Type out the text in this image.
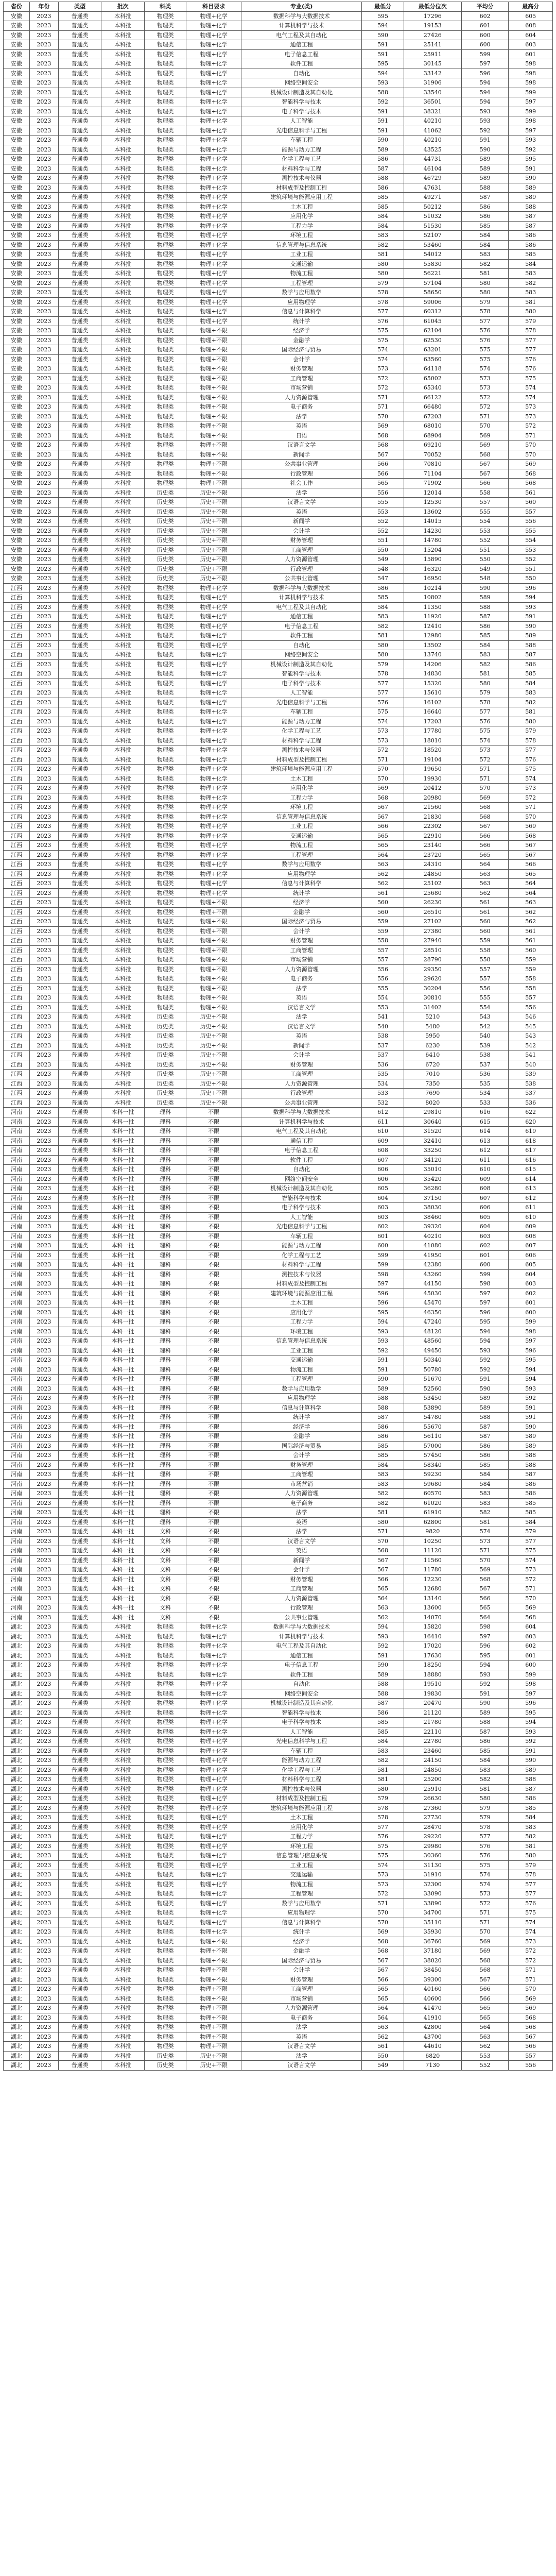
省份	年份	类型	批次	科类	科目要求	专业(类)	最低分	最低分位次	平均分	最高分
安徽	2023	普通类	本科批	物理类	物理+化学	数据科学与大数据技术	595	17296	602	605
安徽	2023	普通类	本科批	物理类	物理+化学	计算机科学与技术	594	19153	601	608
安徽	2023	普通类	本科批	物理类	物理+化学	电气工程及其自动化	590	27426	600	604
安徽	2023	普通类	本科批	物理类	物理+化学	通信工程	591	25141	600	603
安徽	2023	普通类	本科批	物理类	物理+化学	电子信息工程	591	25911	599	601
安徽	2023	普通类	本科批	物理类	物理+化学	软件工程	595	30145	597	598
安徽	2023	普通类	本科批	物理类	物理+化学	自动化	594	33142	596	598
安徽	2023	普通类	本科批	物理类	物理+化学	网络空间安全	593	31906	594	598
安徽	2023	普通类	本科批	物理类	物理+化学	机械设计制造及其自动化	588	33540	594	599
安徽	2023	普通类	本科批	物理类	物理+化学	智能科学与技术	592	36501	594	597
安徽	2023	普通类	本科批	物理类	物理+化学	电子科学与技术	591	38321	593	599
安徽	2023	普通类	本科批	物理类	物理+化学	人工智能	591	40210	593	598
安徽	2023	普通类	本科批	物理类	物理+化学	光电信息科学与工程	591	41062	592	597
安徽	2023	普通类	本科批	物理类	物理+化学	车辆工程	590	40210	591	593
安徽	2023	普通类	本科批	物理类	物理+化学	能源与动力工程	589	43525	590	592
安徽	2023	普通类	本科批	物理类	物理+化学	化学工程与工艺	586	44731	589	595
安徽	2023	普通类	本科批	物理类	物理+化学	材料科学与工程	587	46104	589	591
安徽	2023	普通类	本科批	物理类	物理+化学	测控技术与仪器	588	46729	589	590
安徽	2023	普通类	本科批	物理类	物理+化学	材料成型及控制工程	586	47631	588	589
安徽	2023	普通类	本科批	物理类	物理+化学	建筑环境与能源应用工程	585	49271	587	589
安徽	2023	普通类	本科批	物理类	物理+化学	土木工程	585	50212	586	588
安徽	2023	普通类	本科批	物理类	物理+化学	应用化学	584	51032	586	587
安徽	2023	普通类	本科批	物理类	物理+化学	工程力学	584	51530	585	587
安徽	2023	普通类	本科批	物理类	物理+化学	环境工程	583	52107	584	586
安徽	2023	普通类	本科批	物理类	物理+化学	信息管理与信息系统	582	53460	584	586
安徽	2023	普通类	本科批	物理类	物理+化学	工业工程	581	54012	583	585
安徽	2023	普通类	本科批	物理类	物理+化学	交通运输	580	55830	582	584
安徽	2023	普通类	本科批	物理类	物理+化学	物流工程	580	56221	581	583
安徽	2023	普通类	本科批	物理类	物理+化学	工程管理	579	57104	580	582
安徽	2023	普通类	本科批	物理类	物理+化学	数学与应用数学	578	58650	580	583
安徽	2023	普通类	本科批	物理类	物理+化学	应用物理学	578	59006	579	581
安徽	2023	普通类	本科批	物理类	物理+化学	信息与计算科学	577	60312	578	580
安徽	2023	普通类	本科批	物理类	物理+化学	统计学	576	61045	577	579
安徽	2023	普通类	本科批	物理类	物理+不限	经济学	575	62104	576	578
安徽	2023	普通类	本科批	物理类	物理+不限	金融学	575	62530	576	577
安徽	2023	普通类	本科批	物理类	物理+不限	国际经济与贸易	574	63201	575	577
安徽	2023	普通类	本科批	物理类	物理+不限	会计学	574	63560	575	576
安徽	2023	普通类	本科批	物理类	物理+不限	财务管理	573	64118	574	576
安徽	2023	普通类	本科批	物理类	物理+不限	工商管理	572	65002	573	575
安徽	2023	普通类	本科批	物理类	物理+不限	市场营销	572	65340	573	574
安徽	2023	普通类	本科批	物理类	物理+不限	人力资源管理	571	66122	572	574
安徽	2023	普通类	本科批	物理类	物理+不限	电子商务	571	66480	572	573
安徽	2023	普通类	本科批	物理类	物理+不限	法学	570	67203	571	573
安徽	2023	普通类	本科批	物理类	物理+不限	英语	569	68010	570	572
安徽	2023	普通类	本科批	物理类	物理+不限	日语	568	68904	569	571
安徽	2023	普通类	本科批	物理类	物理+不限	汉语言文学	568	69210	569	570
安徽	2023	普通类	本科批	物理类	物理+不限	新闻学	567	70052	568	570
安徽	2023	普通类	本科批	物理类	物理+不限	公共事业管理	566	70810	567	569
安徽	2023	普通类	本科批	物理类	物理+不限	行政管理	566	71104	567	568
安徽	2023	普通类	本科批	物理类	物理+不限	社会工作	565	71902	566	568
安徽	2023	普通类	本科批	历史类	历史+不限	法学	556	12014	558	561
安徽	2023	普通类	本科批	历史类	历史+不限	汉语言文学	555	12530	557	560
安徽	2023	普通类	本科批	历史类	历史+不限	英语	553	13602	555	557
安徽	2023	普通类	本科批	历史类	历史+不限	新闻学	552	14015	554	556
安徽	2023	普通类	本科批	历史类	历史+不限	会计学	552	14230	553	555
安徽	2023	普通类	本科批	历史类	历史+不限	财务管理	551	14780	552	554
安徽	2023	普通类	本科批	历史类	历史+不限	工商管理	550	15204	551	553
安徽	2023	普通类	本科批	历史类	历史+不限	人力资源管理	549	15890	550	552
安徽	2023	普通类	本科批	历史类	历史+不限	行政管理	548	16320	549	551
安徽	2023	普通类	本科批	历史类	历史+不限	公共事业管理	547	16950	548	550
江西	2023	普通类	本科批	物理类	物理+化学	数据科学与大数据技术	586	10214	590	596
江西	2023	普通类	本科批	物理类	物理+化学	计算机科学与技术	585	10802	589	594
江西	2023	普通类	本科批	物理类	物理+化学	电气工程及其自动化	584	11350	588	593
江西	2023	普通类	本科批	物理类	物理+化学	通信工程	583	11920	587	591
江西	2023	普通类	本科批	物理类	物理+化学	电子信息工程	582	12410	586	590
江西	2023	普通类	本科批	物理类	物理+化学	软件工程	581	12980	585	589
江西	2023	普通类	本科批	物理类	物理+化学	自动化	580	13502	584	588
江西	2023	普通类	本科批	物理类	物理+化学	网络空间安全	580	13740	583	587
江西	2023	普通类	本科批	物理类	物理+化学	机械设计制造及其自动化	579	14206	582	586
江西	2023	普通类	本科批	物理类	物理+化学	智能科学与技术	578	14830	581	585
江西	2023	普通类	本科批	物理类	物理+化学	电子科学与技术	577	15320	580	584
江西	2023	普通类	本科批	物理类	物理+化学	人工智能	577	15610	579	583
江西	2023	普通类	本科批	物理类	物理+化学	光电信息科学与工程	576	16102	578	582
江西	2023	普通类	本科批	物理类	物理+化学	车辆工程	575	16640	577	581
江西	2023	普通类	本科批	物理类	物理+化学	能源与动力工程	574	17203	576	580
江西	2023	普通类	本科批	物理类	物理+化学	化学工程与工艺	573	17780	575	579
江西	2023	普通类	本科批	物理类	物理+化学	材料科学与工程	573	18010	574	578
江西	2023	普通类	本科批	物理类	物理+化学	测控技术与仪器	572	18520	573	577
江西	2023	普通类	本科批	物理类	物理+化学	材料成型及控制工程	571	19104	572	576
江西	2023	普通类	本科批	物理类	物理+化学	建筑环境与能源应用工程	570	19650	571	575
江西	2023	普通类	本科批	物理类	物理+化学	土木工程	570	19930	571	574
江西	2023	普通类	本科批	物理类	物理+化学	应用化学	569	20412	570	573
江西	2023	普通类	本科批	物理类	物理+化学	工程力学	568	20980	569	572
江西	2023	普通类	本科批	物理类	物理+化学	环境工程	567	21560	568	571
江西	2023	普通类	本科批	物理类	物理+化学	信息管理与信息系统	567	21830	568	570
江西	2023	普通类	本科批	物理类	物理+化学	工业工程	566	22302	567	569
江西	2023	普通类	本科批	物理类	物理+化学	交通运输	565	22910	566	568
江西	2023	普通类	本科批	物理类	物理+化学	物流工程	565	23140	566	567
江西	2023	普通类	本科批	物理类	物理+化学	工程管理	564	23720	565	567
江西	2023	普通类	本科批	物理类	物理+化学	数学与应用数学	563	24310	564	566
江西	2023	普通类	本科批	物理类	物理+化学	应用物理学	562	24850	563	565
江西	2023	普通类	本科批	物理类	物理+化学	信息与计算科学	562	25102	563	564
江西	2023	普通类	本科批	物理类	物理+化学	统计学	561	25680	562	564
江西	2023	普通类	本科批	物理类	物理+不限	经济学	560	26230	561	563
江西	2023	普通类	本科批	物理类	物理+不限	金融学	560	26510	561	562
江西	2023	普通类	本科批	物理类	物理+不限	国际经济与贸易	559	27102	560	562
江西	2023	普通类	本科批	物理类	物理+不限	会计学	559	27380	560	561
江西	2023	普通类	本科批	物理类	物理+不限	财务管理	558	27940	559	561
江西	2023	普通类	本科批	物理类	物理+不限	工商管理	557	28510	558	560
江西	2023	普通类	本科批	物理类	物理+不限	市场营销	557	28790	558	559
江西	2023	普通类	本科批	物理类	物理+不限	人力资源管理	556	29350	557	559
江西	2023	普通类	本科批	物理类	物理+不限	电子商务	556	29620	557	558
江西	2023	普通类	本科批	物理类	物理+不限	法学	555	30204	556	558
江西	2023	普通类	本科批	物理类	物理+不限	英语	554	30810	555	557
江西	2023	普通类	本科批	物理类	物理+不限	汉语言文学	553	31402	554	556
江西	2023	普通类	本科批	历史类	历史+不限	法学	541	5210	543	546
江西	2023	普通类	本科批	历史类	历史+不限	汉语言文学	540	5480	542	545
江西	2023	普通类	本科批	历史类	历史+不限	英语	538	5950	540	543
江西	2023	普通类	本科批	历史类	历史+不限	新闻学	537	6230	539	542
江西	2023	普通类	本科批	历史类	历史+不限	会计学	537	6410	538	541
江西	2023	普通类	本科批	历史类	历史+不限	财务管理	536	6720	537	540
江西	2023	普通类	本科批	历史类	历史+不限	工商管理	535	7010	536	539
江西	2023	普通类	本科批	历史类	历史+不限	人力资源管理	534	7350	535	538
江西	2023	普通类	本科批	历史类	历史+不限	行政管理	533	7690	534	537
江西	2023	普通类	本科批	历史类	历史+不限	公共事业管理	532	8020	533	536
河南	2023	普通类	本科一批	理科	不限	数据科学与大数据技术	612	29810	616	622
河南	2023	普通类	本科一批	理科	不限	计算机科学与技术	611	30640	615	620
河南	2023	普通类	本科一批	理科	不限	电气工程及其自动化	610	31520	614	619
河南	2023	普通类	本科一批	理科	不限	通信工程	609	32410	613	618
河南	2023	普通类	本科一批	理科	不限	电子信息工程	608	33250	612	617
河南	2023	普通类	本科一批	理科	不限	软件工程	607	34120	611	616
河南	2023	普通类	本科一批	理科	不限	自动化	606	35010	610	615
河南	2023	普通类	本科一批	理科	不限	网络空间安全	606	35420	609	614
河南	2023	普通类	本科一批	理科	不限	机械设计制造及其自动化	605	36280	608	613
河南	2023	普通类	本科一批	理科	不限	智能科学与技术	604	37150	607	612
河南	2023	普通类	本科一批	理科	不限	电子科学与技术	603	38030	606	611
河南	2023	普通类	本科一批	理科	不限	人工智能	603	38460	605	610
河南	2023	普通类	本科一批	理科	不限	光电信息科学与工程	602	39320	604	609
河南	2023	普通类	本科一批	理科	不限	车辆工程	601	40210	603	608
河南	2023	普通类	本科一批	理科	不限	能源与动力工程	600	41080	602	607
河南	2023	普通类	本科一批	理科	不限	化学工程与工艺	599	41950	601	606
河南	2023	普通类	本科一批	理科	不限	材料科学与工程	599	42380	600	605
河南	2023	普通类	本科一批	理科	不限	测控技术与仪器	598	43260	599	604
河南	2023	普通类	本科一批	理科	不限	材料成型及控制工程	597	44150	598	603
河南	2023	普通类	本科一批	理科	不限	建筑环境与能源应用工程	596	45030	597	602
河南	2023	普通类	本科一批	理科	不限	土木工程	596	45470	597	601
河南	2023	普通类	本科一批	理科	不限	应用化学	595	46350	596	600
河南	2023	普通类	本科一批	理科	不限	工程力学	594	47240	595	599
河南	2023	普通类	本科一批	理科	不限	环境工程	593	48120	594	598
河南	2023	普通类	本科一批	理科	不限	信息管理与信息系统	593	48560	594	597
河南	2023	普通类	本科一批	理科	不限	工业工程	592	49450	593	596
河南	2023	普通类	本科一批	理科	不限	交通运输	591	50340	592	595
河南	2023	普通类	本科一批	理科	不限	物流工程	591	50780	592	594
河南	2023	普通类	本科一批	理科	不限	工程管理	590	51670	591	594
河南	2023	普通类	本科一批	理科	不限	数学与应用数学	589	52560	590	593
河南	2023	普通类	本科一批	理科	不限	应用物理学	588	53450	589	592
河南	2023	普通类	本科一批	理科	不限	信息与计算科学	588	53890	589	591
河南	2023	普通类	本科一批	理科	不限	统计学	587	54780	588	591
河南	2023	普通类	本科一批	理科	不限	经济学	586	55670	587	590
河南	2023	普通类	本科一批	理科	不限	金融学	586	56110	587	589
河南	2023	普通类	本科一批	理科	不限	国际经济与贸易	585	57000	586	589
河南	2023	普通类	本科一批	理科	不限	会计学	585	57450	586	588
河南	2023	普通类	本科一批	理科	不限	财务管理	584	58340	585	588
河南	2023	普通类	本科一批	理科	不限	工商管理	583	59230	584	587
河南	2023	普通类	本科一批	理科	不限	市场营销	583	59680	584	586
河南	2023	普通类	本科一批	理科	不限	人力资源管理	582	60570	583	586
河南	2023	普通类	本科一批	理科	不限	电子商务	582	61020	583	585
河南	2023	普通类	本科一批	理科	不限	法学	581	61910	582	585
河南	2023	普通类	本科一批	理科	不限	英语	580	62800	581	584
河南	2023	普通类	本科一批	文科	不限	法学	571	9820	574	579
河南	2023	普通类	本科一批	文科	不限	汉语言文学	570	10250	573	577
河南	2023	普通类	本科一批	文科	不限	英语	568	11120	571	575
河南	2023	普通类	本科一批	文科	不限	新闻学	567	11560	570	574
河南	2023	普通类	本科一批	文科	不限	会计学	567	11780	569	573
河南	2023	普通类	本科一批	文科	不限	财务管理	566	12230	568	572
河南	2023	普通类	本科一批	文科	不限	工商管理	565	12680	567	571
河南	2023	普通类	本科一批	文科	不限	人力资源管理	564	13140	566	570
河南	2023	普通类	本科一批	文科	不限	行政管理	563	13600	565	569
河南	2023	普通类	本科一批	文科	不限	公共事业管理	562	14070	564	568
湖北	2023	普通类	本科批	物理类	物理+化学	数据科学与大数据技术	594	15820	598	604
湖北	2023	普通类	本科批	物理类	物理+化学	计算机科学与技术	593	16410	597	603
湖北	2023	普通类	本科批	物理类	物理+化学	电气工程及其自动化	592	17020	596	602
湖北	2023	普通类	本科批	物理类	物理+化学	通信工程	591	17630	595	601
湖北	2023	普通类	本科批	物理类	物理+化学	电子信息工程	590	18250	594	600
湖北	2023	普通类	本科批	物理类	物理+化学	软件工程	589	18880	593	599
湖北	2023	普通类	本科批	物理类	物理+化学	自动化	588	19510	592	598
湖北	2023	普通类	本科批	物理类	物理+化学	网络空间安全	588	19830	591	597
湖北	2023	普通类	本科批	物理类	物理+化学	机械设计制造及其自动化	587	20470	590	596
湖北	2023	普通类	本科批	物理类	物理+化学	智能科学与技术	586	21120	589	595
湖北	2023	普通类	本科批	物理类	物理+化学	电子科学与技术	585	21780	588	594
湖北	2023	普通类	本科批	物理类	物理+化学	人工智能	585	22110	587	593
湖北	2023	普通类	本科批	物理类	物理+化学	光电信息科学与工程	584	22780	586	592
湖北	2023	普通类	本科批	物理类	物理+化学	车辆工程	583	23460	585	591
湖北	2023	普通类	本科批	物理类	物理+化学	能源与动力工程	582	24150	584	590
湖北	2023	普通类	本科批	物理类	物理+化学	化学工程与工艺	581	24850	583	589
湖北	2023	普通类	本科批	物理类	物理+化学	材料科学与工程	581	25200	582	588
湖北	2023	普通类	本科批	物理类	物理+化学	测控技术与仪器	580	25910	581	587
湖北	2023	普通类	本科批	物理类	物理+化学	材料成型及控制工程	579	26630	580	586
湖北	2023	普通类	本科批	物理类	物理+化学	建筑环境与能源应用工程	578	27360	579	585
湖北	2023	普通类	本科批	物理类	物理+化学	土木工程	578	27730	579	584
湖北	2023	普通类	本科批	物理类	物理+化学	应用化学	577	28470	578	583
湖北	2023	普通类	本科批	物理类	物理+化学	工程力学	576	29220	577	582
湖北	2023	普通类	本科批	物理类	物理+化学	环境工程	575	29980	576	581
湖北	2023	普通类	本科批	物理类	物理+化学	信息管理与信息系统	575	30360	576	580
湖北	2023	普通类	本科批	物理类	物理+化学	工业工程	574	31130	575	579
湖北	2023	普通类	本科批	物理类	物理+化学	交通运输	573	31910	574	578
湖北	2023	普通类	本科批	物理类	物理+化学	物流工程	573	32300	574	577
湖北	2023	普通类	本科批	物理类	物理+化学	工程管理	572	33090	573	577
湖北	2023	普通类	本科批	物理类	物理+化学	数学与应用数学	571	33890	572	576
湖北	2023	普通类	本科批	物理类	物理+化学	应用物理学	570	34700	571	575
湖北	2023	普通类	本科批	物理类	物理+化学	信息与计算科学	570	35110	571	574
湖北	2023	普通类	本科批	物理类	物理+化学	统计学	569	35930	570	574
湖北	2023	普通类	本科批	物理类	物理+不限	经济学	568	36760	569	573
湖北	2023	普通类	本科批	物理类	物理+不限	金融学	568	37180	569	572
湖北	2023	普通类	本科批	物理类	物理+不限	国际经济与贸易	567	38020	568	572
湖北	2023	普通类	本科批	物理类	物理+不限	会计学	567	38450	568	571
湖北	2023	普通类	本科批	物理类	物理+不限	财务管理	566	39300	567	571
湖北	2023	普通类	本科批	物理类	物理+不限	工商管理	565	40160	566	570
湖北	2023	普通类	本科批	物理类	物理+不限	市场营销	565	40600	566	569
湖北	2023	普通类	本科批	物理类	物理+不限	人力资源管理	564	41470	565	569
湖北	2023	普通类	本科批	物理类	物理+不限	电子商务	564	41910	565	568
湖北	2023	普通类	本科批	物理类	物理+不限	法学	563	42800	564	568
湖北	2023	普通类	本科批	物理类	物理+不限	英语	562	43700	563	567
湖北	2023	普通类	本科批	物理类	物理+不限	汉语言文学	561	44610	562	566
湖北	2023	普通类	本科批	历史类	历史+不限	法学	550	6820	553	557
湖北	2023	普通类	本科批	历史类	历史+不限	汉语言文学	549	7130	552	556
